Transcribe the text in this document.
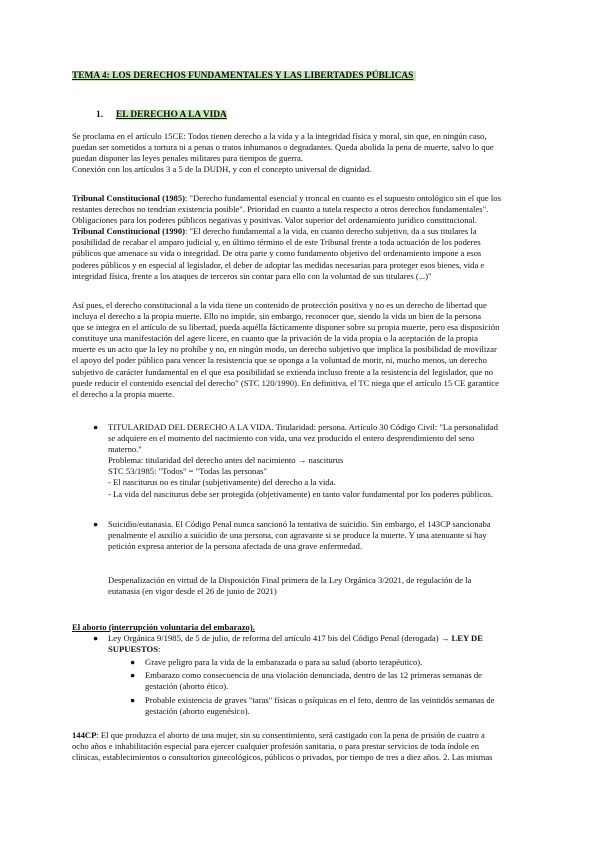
TEMA 4: LOS DERECHOS FUNDAMENTALES Y LAS LIBERTADES PÚBLICAS
1. EL DERECHO A LA VIDA
Se proclama en el artículo 15CE: Todos tienen derecho a la vida y a la integridad física y moral, sin que, en ningún caso,
puedan ser sometidos a tortura ni a penas o tratos inhumanos o degradantes. Queda abolida la pena de muerte, salvo lo que
puedan disponer las leyes penales militares para tiempos de guerra.
Conexión con los artículos 3 a 5 de la DUDH, y con el concepto universal de dignidad.
Tribunal Constitucional (1985): "Derecho fundamental esencial y troncal en cuanto es el supuesto ontológico sin el que los
restantes derechos no tendrían existencia posible". Prioridad en cuanto a tutela respecto a otros derechos fundamentales".
Obligaciones para los poderes públicos negativas y positivas. Valor superior del ordenamiento jurídico constitucional.
Tribunal Constitucional (1990): "El derecho fundamental a la vida, en cuanto derecho subjetivo, da a sus titulares la
posibilidad de recabar el amparo judicial y, en último término el de este Tribunal frente a toda actuación de los poderes
públicos que amenace su vida o integridad. De otra parte y como fundamento objetivo del ordenamiento impone a esos
poderes públicos y en especial al legislador, el deber de adoptar las medidas necesarias para proteger esos bienes, vida e
integridad física, frente a los ataques de terceros sin contar para ello con la voluntad de sus titulares (...)"
Así pues, el derecho constitucional a la vida tiene un contenido de protección positiva y no es un derecho de libertad que
incluya el derecho a la propia muerte. Ello no impide, sin embargo, reconocer que, siendo la vida un bien de la persona
que se integra en el artículo de su libertad, pueda aquélla fácticamente disponer sobre su propia muerte, pero esa disposición
constituye una manifestación del agere licere, en cuanto que la privación de la vida propia o la aceptación de la propia
muerte es un acto que la ley no prohíbe y no, en ningún modo, un derecho subjetivo que implica la posibilidad de movilizar
el apoyo del poder público para vencer la resistencia que se oponga a la voluntad de morir, ni, mucho menos, un derecho
subjetivo de carácter fundamental en el que esa posibilidad se extienda incluso frente a la resistencia del legislador, que no
puede reducir el contenido esencial del derecho" (STC 120/1990). En definitiva, el TC niega que el artículo 15 CE garantice
el derecho a la propia muerte.
● TITULARIDAD DEL DERECHO A LA VIDA. Titularidad: persona. Artículo 30 Código Civil: "La personalidad
se adquiere en el momento del nacimiento con vida, una vez producido el entero desprendimiento del seno
materno."
Problema: titularidad del derecho antes del nacimiento → nasciturus
STC 53/1985: "Todos" = "Todas las personas"
- El nasciturus no es titular (subjetivamente) del derecho a la vida.
- La vida del nasciturus debe ser protegida (objetivamente) en tanto valor fundamental por los poderes públicos.
● Suicidio/eutanasia. El Código Penal nunca sancionó la tentativa de suicidio. Sin embargo, el 143CP sancionaba
penalmente el auxilio a suicidio de una persona, con agravante si se produce la muerte. Y una atenuante si hay
petición expresa anterior de la persona afectada de una grave enfermedad.
Despenalización en virtud de la Disposición Final primera de la Ley Orgánica 3/2021, de regulación de la
eutanasia (en vigor desde el 26 de junio de 2021)
El aborto (interrupción voluntaria del embarazo).
● Ley Orgánica 9/1985, de 5 de julio, de reforma del artículo 417 bis del Código Penal (derogada) → LEY DE
SUPUESTOS:
● Grave peligro para la vida de la embarazada o para su salud (aborto terapéutico).
● Embarazo como consecuencia de una violación denunciada, dentro de las 12 primeras semanas de
gestación (aborto ético).
● Probable existencia de graves "taras" físicas o psíquicas en el feto, dentro de las veintidós semanas de
gestación (aborto eugenésico).
144CP: El que produzca el aborto de una mujer, sin su consentimiento, será castigado con la pena de prisión de cuatro a
ocho años e inhabilitación especial para ejercer cualquier profesión sanitaria, o para prestar servicios de toda índole en
clínicas, establecimientos o consultorios ginecológicos, públicos o privados, por tiempo de tres a diez años. 2. Las mismas
